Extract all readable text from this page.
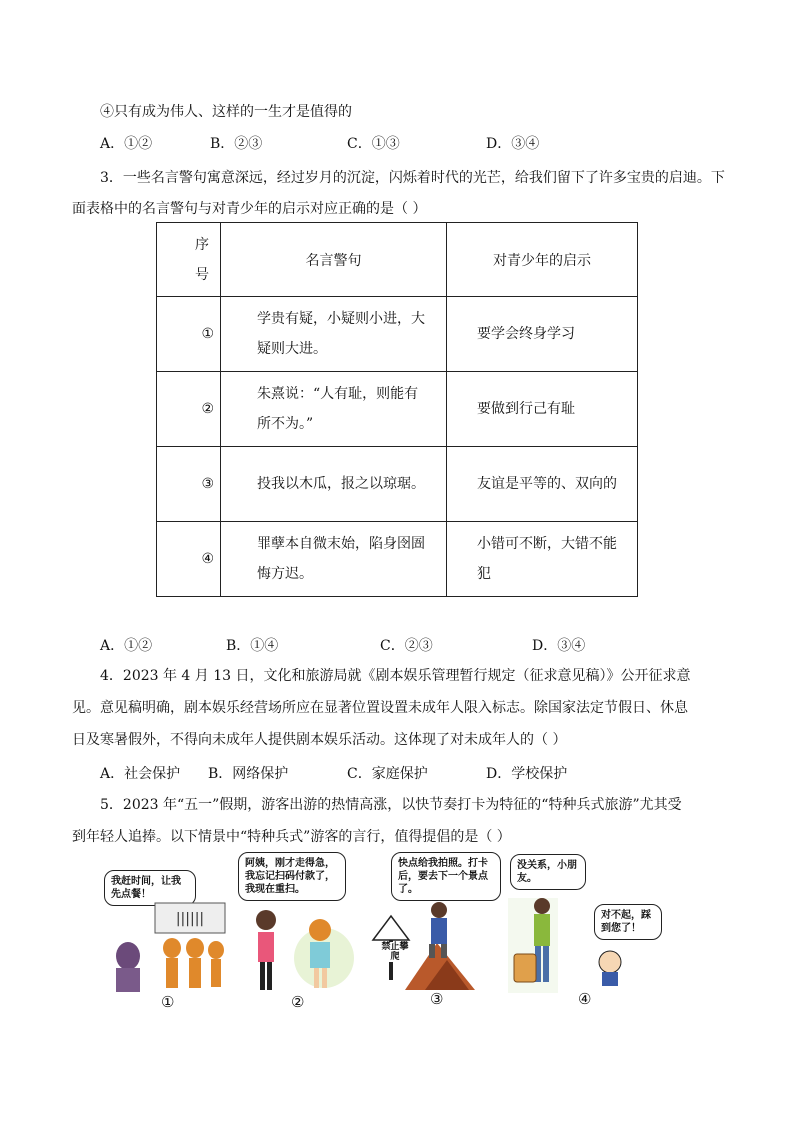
④只有成为伟人、这样的一生才是值得的
A．①②	B．②③	C．①③	D．③④
3．一些名言警句寓意深远，经过岁月的沉淀，闪烁着时代的光芒，给我们留下了许多宝贵的启迪。下
面表格中的名言警句与对青少年的启示对应正确的是（ ）
序
号	名言警句	对青少年的启示
①	学贵有疑，小疑则小进，大疑则大进。	要学会终身学习
②	朱熹说：“人有耻，则能有所不为。”	要做到行己有耻
③	投我以木瓜，报之以琼琚。	友谊是平等的、双向的
④	罪孽本自微末始，陷身囹圄悔方迟。	小错可不断，大错不能犯
A．①②	B．①④	C．②③	D．③④
4．2023 年 4 月 13 日，文化和旅游局就《剧本娱乐管理暂行规定（征求意见稿）》公开征求意见。意见稿明确，剧本娱乐经营场所应在显著位置设置未成年人限入标志。除国家法定节假日、休息日及寒暑假外，不得向未成年人提供剧本娱乐活动。这体现了对未成年人的（ ）
A．社会保护 B．网络保护	C．家庭保护	D．学校保护
5．2023 年“五一”假期，游客出游的热情高涨，以快节奏打卡为特征的“特种兵式旅游”尤其受到年轻人追捧。以下情景中“特种兵式”游客的言行，值得提倡的是（ ）
我赶时间，让我先点餐！
||||||
①
阿姨，刚才走得急，我忘记扫码付款了，我现在重扫。
②
快点给我拍照。打卡后，要去下一个景点了。
禁止攀爬
③
没关系，小朋友。
对不起，踩到您了！
④
